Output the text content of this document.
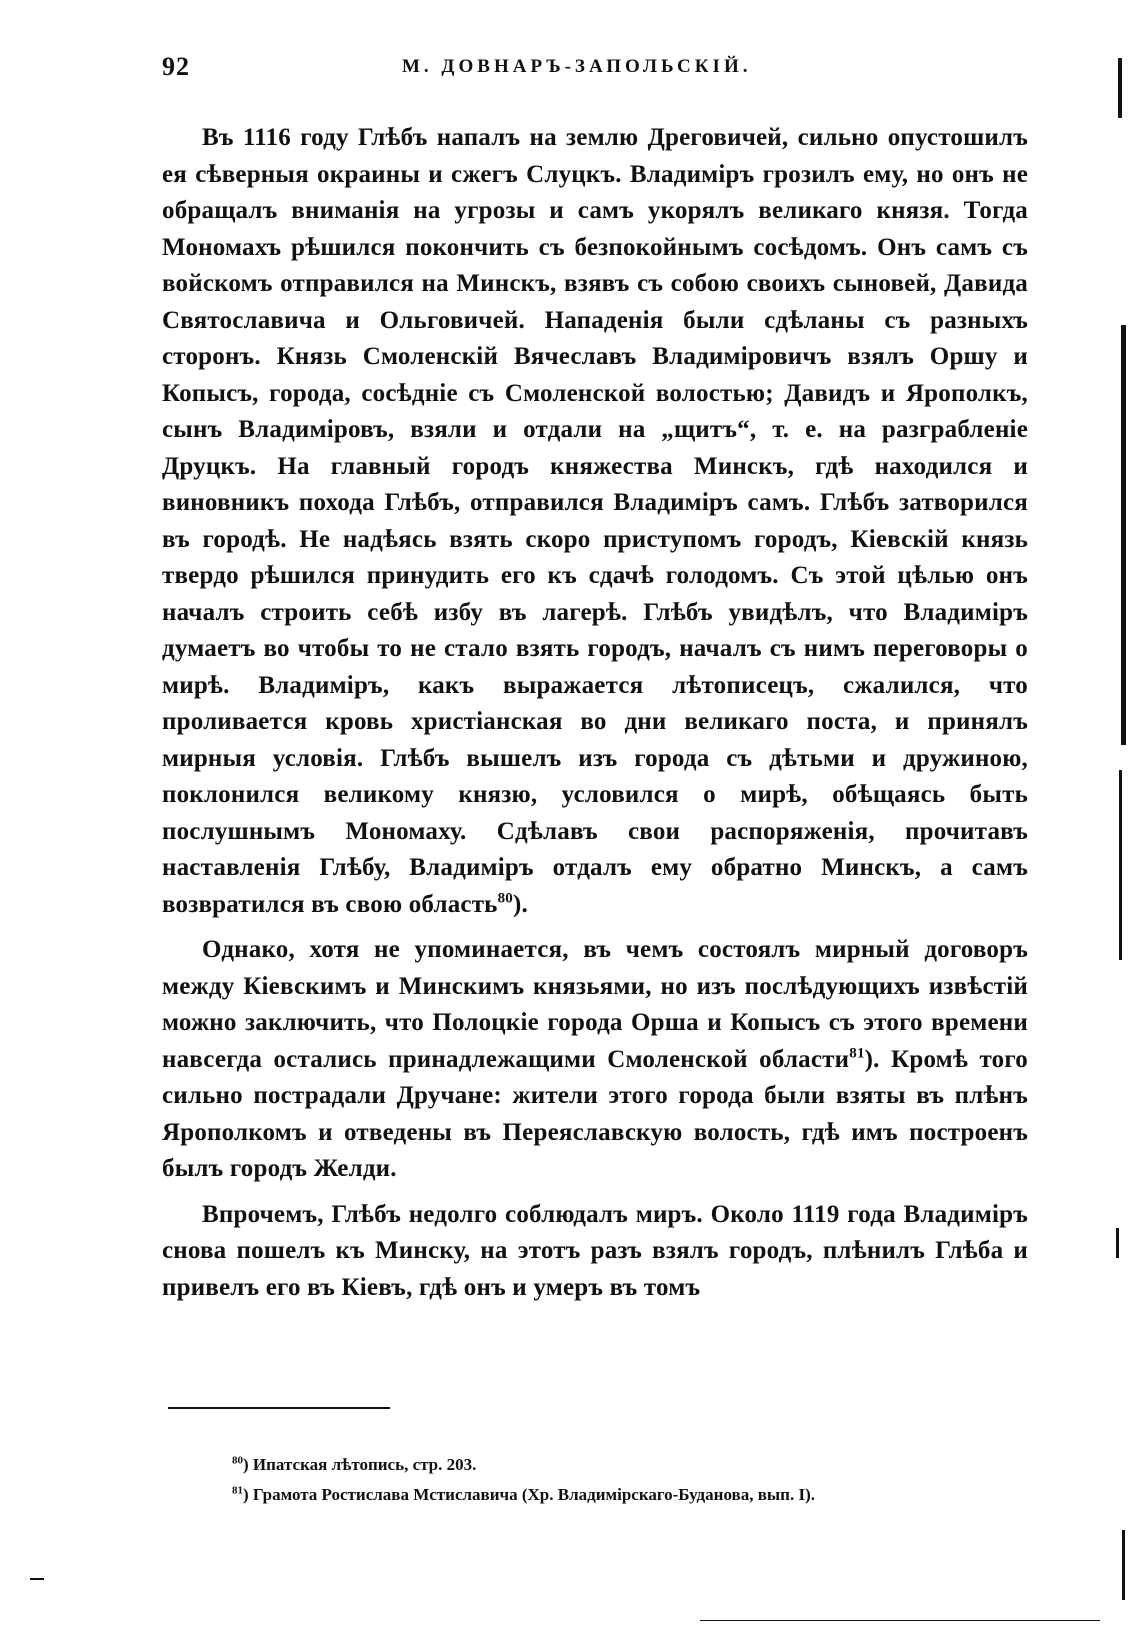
92	М. ДОВНАРЪ-ЗАПОЛЬСКІЙ.

Въ 1116 году Глѣбъ напалъ на землю Дреговичей, сильно опустошилъ ея сѣверныя окраины и сжегъ Слуцкъ. Владиміръ грозилъ ему, но онъ не обращалъ вниманія на угрозы и самъ укорялъ великаго князя. Тогда Мономахъ рѣшился покончить съ безпокойнымъ сосѣдомъ. Онъ самъ съ войскомъ отправился на Минскъ, взявъ съ собою своихъ сыновей, Давида Святославича и Ольговичей. Нападенія были сдѣланы съ разныхъ сторонъ. Князь Смоленскій Вячеславъ Владиміровичъ взялъ Оршу и Копысъ, города, сосѣдніе съ Смоленской волостью; Давидъ и Ярополкъ, сынъ Владиміровъ, взяли и отдали на „щитъ“, т. е. на разграбленіе Друцкъ. На главный городъ княжества Минскъ, гдѣ находился и виновникъ похода Глѣбъ, отправился Владиміръ самъ. Глѣбъ затворился въ городѣ. Не надѣясь взять скоро приступомъ городъ, Кіевскій князь твердо рѣшился принудить его къ сдачѣ голодомъ. Съ этой цѣлью онъ началъ строить себѣ избу въ лагерѣ. Глѣбъ увидѣлъ, что Владиміръ думаетъ во чтобы то не стало взять городъ, началъ съ нимъ переговоры о мирѣ. Владиміръ, какъ выражается лѣтописецъ, сжалился, что проливается кровь христіанская во дни великаго поста, и принялъ мирныя условія. Глѣбъ вышелъ изъ города съ дѣтьми и дружиною, поклонился великому князю, условился о мирѣ, обѣщаясь быть послушнымъ Мономаху. Сдѣлавъ свои распоряженія, прочитавъ наставленія Глѣбу, Владиміръ отдалъ ему обратно Минскъ, а самъ возвратился въ свою область$^{80}$).

Однако, хотя не упоминается, въ чемъ состоялъ мирный договоръ между Кіевскимъ и Минскимъ князьями, но изъ послѣдующихъ извѣстій можно заключить, что Полоцкіе города Орша и Копысъ съ этого времени навсегда остались принадлежащими Смоленской области$^{81}$). Кромѣ того сильно пострадали Дручане: жители этого города были взяты въ плѣнъ Ярополкомъ и отведены въ Переяславскую волость, гдѣ имъ построенъ былъ городъ Желди.

Впрочемъ, Глѣбъ недолго соблюдалъ миръ. Около 1119 года Владиміръ снова пошелъ къ Минску, на этотъ разъ взялъ городъ, плѣнилъ Глѣба и привелъ его въ Кіевъ, гдѣ онъ и умеръ въ томъ

$^{80}$) Ипатская лѣтопись, стр. 203.
$^{81}$) Грамота Ростислава Мстиславича (Хр. Владимірскаго-Буданова, вып. I).
